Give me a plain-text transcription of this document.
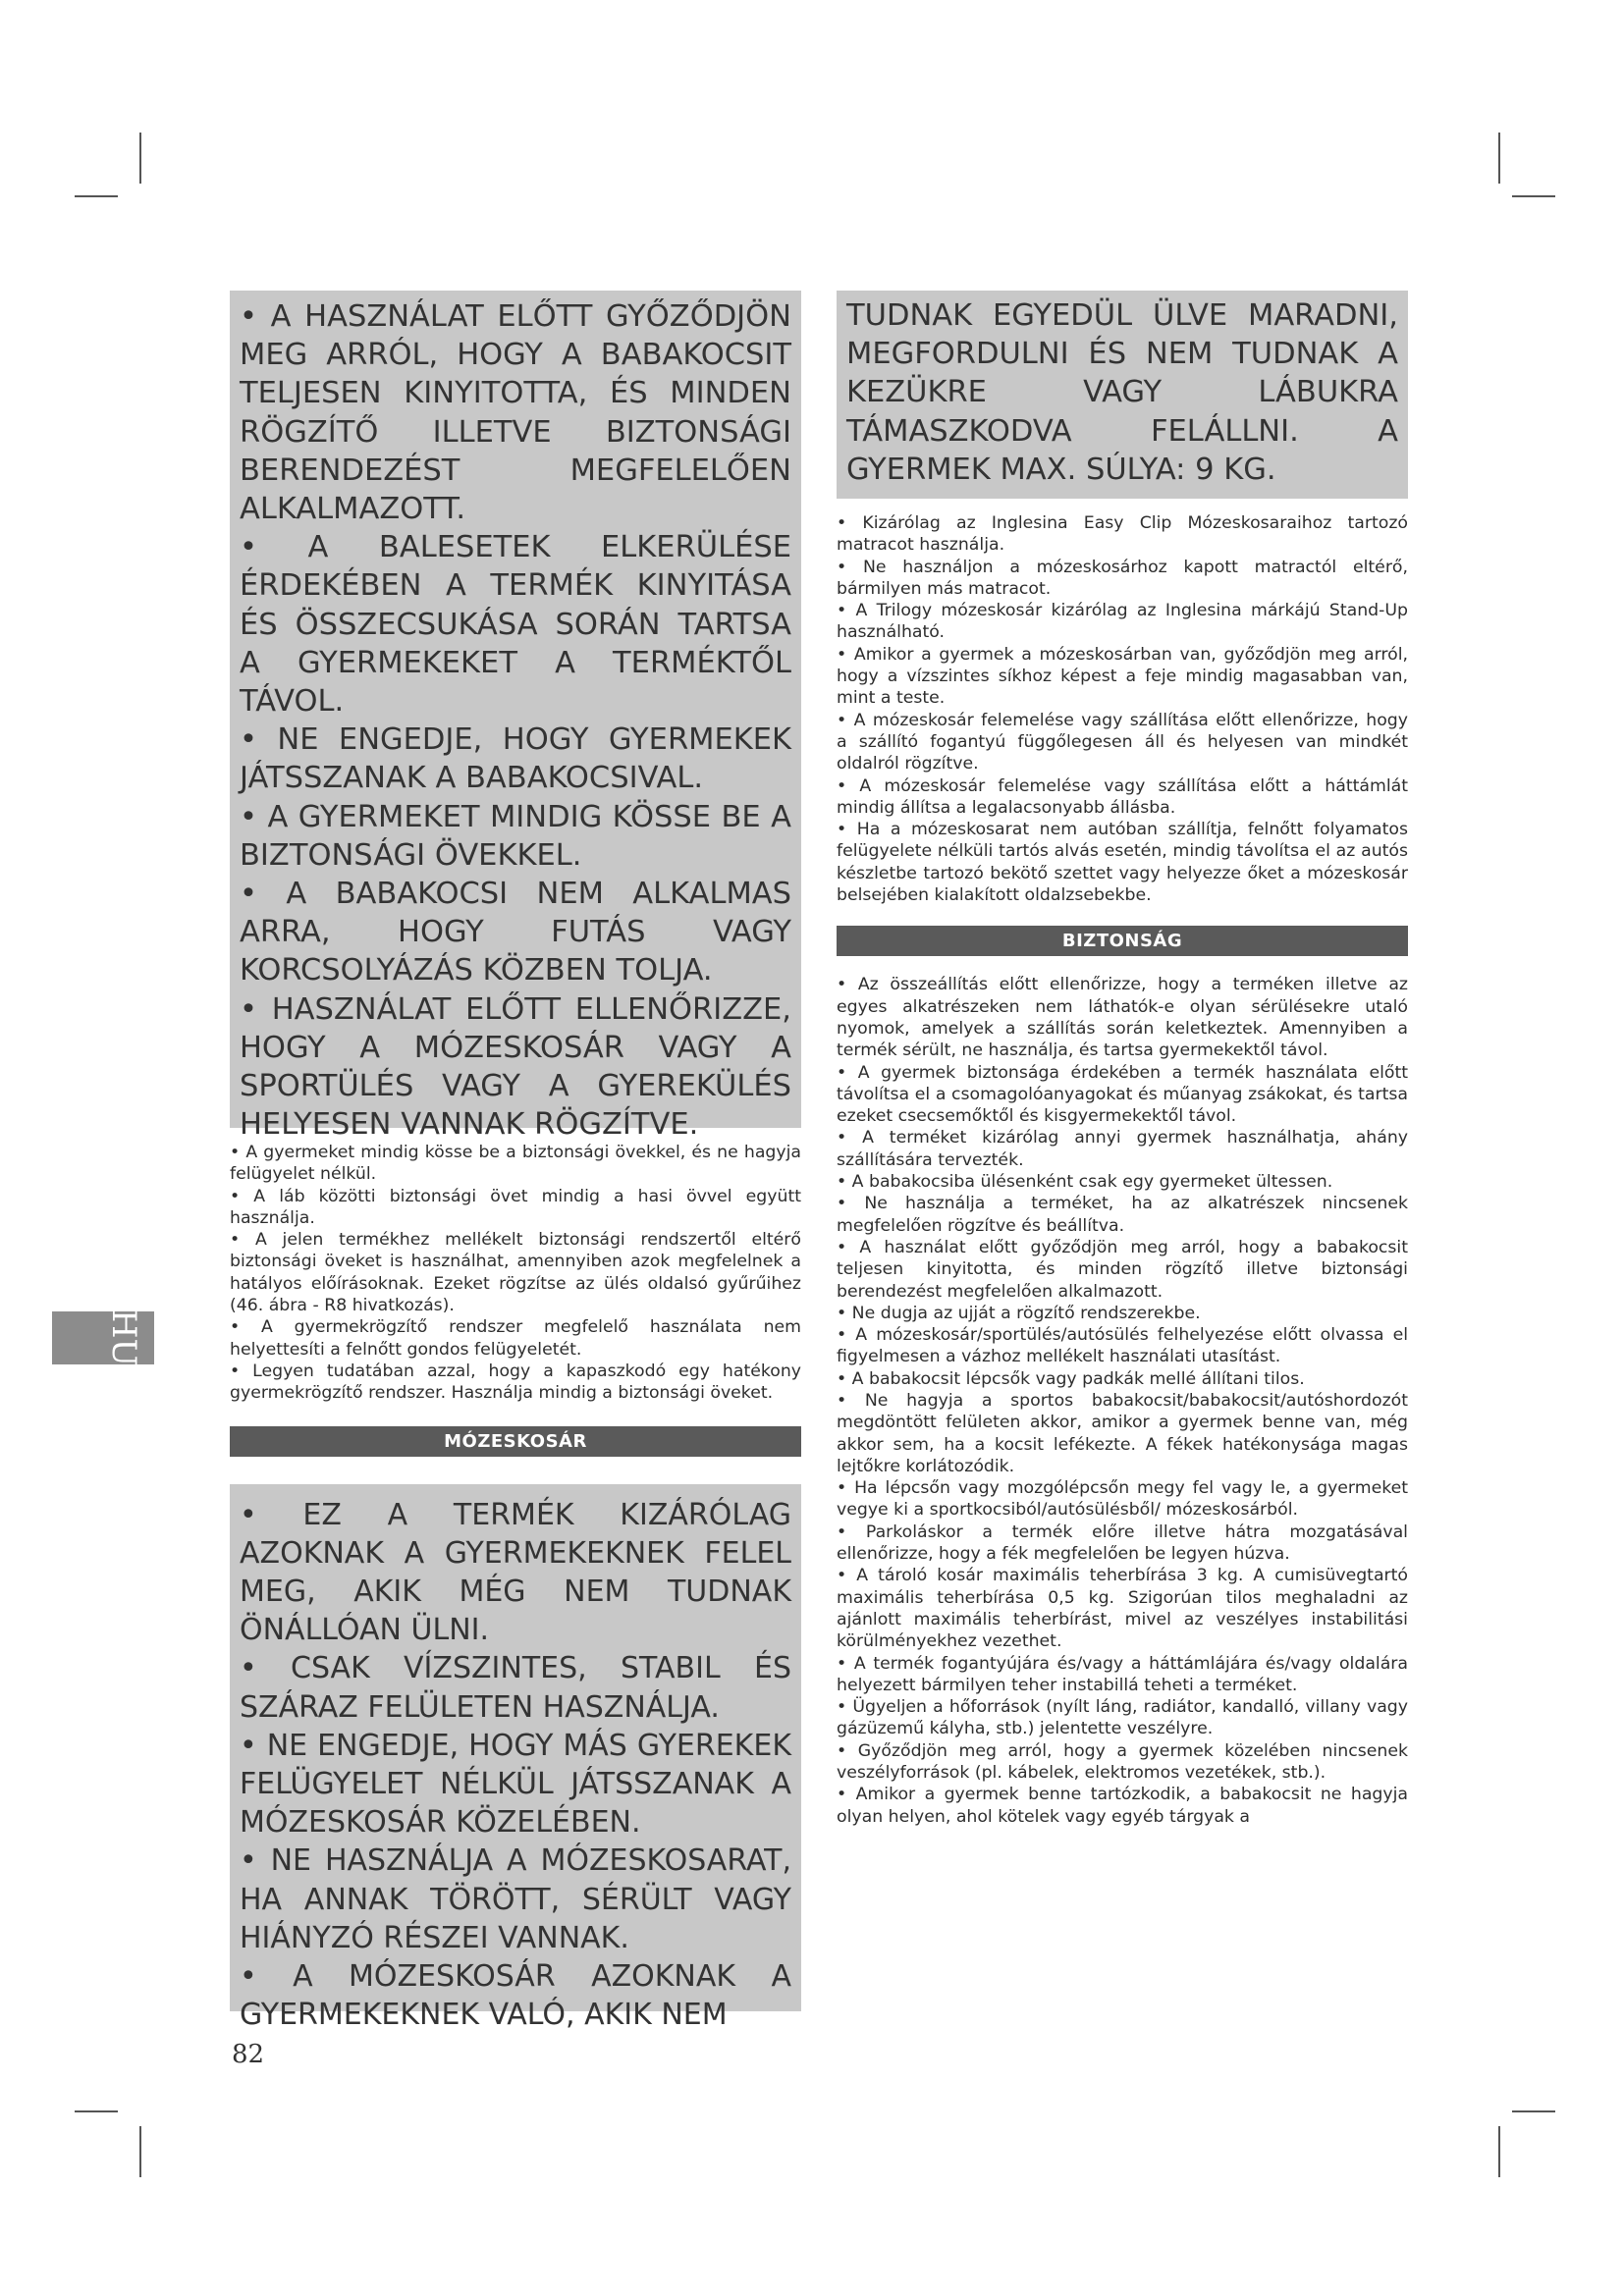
HU

• A HASZNÁLAT ELŐTT GYŐZŐDJÖN MEG ARRÓL, HOGY A BABAKOCSIT TELJESEN KINYITOTTA, ÉS MINDEN RÖGZÍTŐ ILLETVE BIZTONSÁGI BERENDEZÉST MEGFELELŐEN ALKALMAZOTT.

• A BALESETEK ELKERÜLÉSE ÉRDEKÉBEN A TERMÉK KINYITÁSA ÉS ÖSSZECSUKÁSA SORÁN TARTSA A GYERMEKEKET A TERMÉKTŐL TÁVOL.

• NE ENGEDJE, HOGY GYERMEKEK JÁTSSZANAK A BABAKOCSIVAL.

• A GYERMEKET MINDIG KÖSSE BE A BIZTONSÁGI ÖVEKKEL.

• A BABAKOCSI NEM ALKALMAS ARRA, HOGY FUTÁS VAGY KORCSOLYÁZÁS KÖZBEN TOLJA.

• HASZNÁLAT ELŐTT ELLENŐRIZZE, HOGY A MÓZESKOSÁR VAGY A SPORTÜLÉS VAGY A GYEREKÜLÉS HELYESEN VANNAK RÖGZÍTVE.

• A gyermeket mindig kösse be a biztonsági övekkel, és ne hagyja felügyelet nélkül.

• A láb közötti biztonsági övet mindig a hasi övvel együtt használja.

• A jelen termékhez mellékelt biztonsági rendszertől eltérő biztonsági öveket is használhat, amennyiben azok megfelelnek a hatályos előírásoknak. Ezeket rögzítse az ülés oldalsó gyűrűihez (46. ábra - R8 hivatkozás).

• A gyermekrögzítő rendszer megfelelő használata nem helyettesíti a felnőtt gondos felügyeletét.

• Legyen tudatában azzal, hogy a kapaszkodó egy hatékony gyermekrögzítő rendszer. Használja mindig a biztonsági öveket.

MÓZESKOSÁR

• EZ A TERMÉK KIZÁRÓLAG AZOKNAK A GYERMEKEKNEK FELEL MEG, AKIK MÉG NEM TUDNAK ÖNÁLLÓAN ÜLNI.

• CSAK VÍZSZINTES, STABIL ÉS SZÁRAZ FELÜLETEN HASZNÁLJA.

• NE ENGEDJE, HOGY MÁS GYEREKEK FELÜGYELET NÉLKÜL JÁTSSZANAK A MÓZESKOSÁR KÖZELÉBEN.

• NE HASZNÁLJA A MÓZESKOSARAT, HA ANNAK TÖRÖTT, SÉRÜLT VAGY HIÁNYZÓ RÉSZEI VANNAK.

• A MÓZESKOSÁR AZOKNAK A GYERMEKEKNEK VALÓ, AKIK NEM

TUDNAK EGYEDÜL ÜLVE MARADNI, MEGFORDULNI ÉS NEM TUDNAK A KEZÜKRE VAGY LÁBUKRA TÁMASZKODVA FELÁLLNI. A GYERMEK MAX. SÚLYA: 9 KG.

• Kizárólag az Inglesina Easy Clip Mózeskosaraihoz tartozó matracot használja.

• Ne használjon a mózeskosárhoz kapott matractól eltérő, bármilyen más matracot.

• A Trilogy mózeskosár kizárólag az Inglesina márkájú Stand-Up használható.

• Amikor a gyermek a mózeskosárban van, győződjön meg arról, hogy a vízszintes síkhoz képest a feje mindig magasabban van, mint a teste.

• A mózeskosár felemelése vagy szállítása előtt ellenőrizze, hogy a szállító fogantyú függőlegesen áll és helyesen van mindkét oldalról rögzítve.

• A mózeskosár felemelése vagy szállítása előtt a háttámlát mindig állítsa a legalacsonyabb állásba.

• Ha a mózeskosarat nem autóban szállítja, felnőtt folyamatos felügyelete nélküli tartós alvás esetén, mindig távolítsa el az autós készletbe tartozó bekötő szettet vagy helyezze őket a mózeskosár belsejében kialakított oldalzsebekbe.

BIZTONSÁG

• Az összeállítás előtt ellenőrizze, hogy a terméken illetve az egyes alkatrészeken nem láthatók-e olyan sérülésekre utaló nyomok, amelyek a szállítás során keletkeztek. Amennyiben a termék sérült, ne használja, és tartsa gyermekektől távol.

• A gyermek biztonsága érdekében a termék használata előtt távolítsa el a csomagolóanyagokat és műanyag zsákokat, és tartsa ezeket csecsemőktől és kisgyermekektől távol.

• A terméket kizárólag annyi gyermek használhatja, ahány szállítására tervezték.

• A babakocsiba ülésenként csak egy gyermeket ültessen.

• Ne használja a terméket, ha az alkatrészek nincsenek megfelelően rögzítve és beállítva.

• A használat előtt győződjön meg arról, hogy a babakocsit teljesen kinyitotta, és minden rögzítő illetve biztonsági berendezést megfelelően alkalmazott.

• Ne dugja az ujját a rögzítő rendszerekbe.

• A mózeskosár/sportülés/autósülés felhelyezése előtt olvassa el figyelmesen a vázhoz mellékelt használati utasítást.

• A babakocsit lépcsők vagy padkák mellé állítani tilos.

• Ne hagyja a sportos babakocsit/babakocsit/autóshordozót megdöntött felületen akkor, amikor a gyermek benne van, még akkor sem, ha a kocsit lefékezte. A fékek hatékonysága magas lejtőkre korlátozódik.

• Ha lépcsőn vagy mozgólépcsőn megy fel vagy le, a gyermeket vegye ki a sportkocsiból/autósülésből/ mózeskosárból.

• Parkoláskor a termék előre illetve hátra mozgatásával ellenőrizze, hogy a fék megfelelően be legyen húzva.

• A tároló kosár maximális teherbírása 3 kg. A cumisüvegtartó maximális teherbírása 0,5 kg. Szigorúan tilos meghaladni az ajánlott maximális teherbírást, mivel az veszélyes instabilitási körülményekhez vezethet.

• A termék fogantyújára és/vagy a háttámlájára és/vagy oldalára helyezett bármilyen teher instabillá teheti a terméket.

• Ügyeljen a hőforrások (nyílt láng, radiátor, kandalló, villany vagy gázüzemű kályha, stb.) jelentette veszélyre.

• Győződjön meg arról, hogy a gyermek közelében nincsenek veszélyforrások (pl. kábelek, elektromos vezetékek, stb.).

• Amikor a gyermek benne tartózkodik, a babakocsit ne hagyja olyan helyen, ahol kötelek vagy egyéb tárgyak a

82
